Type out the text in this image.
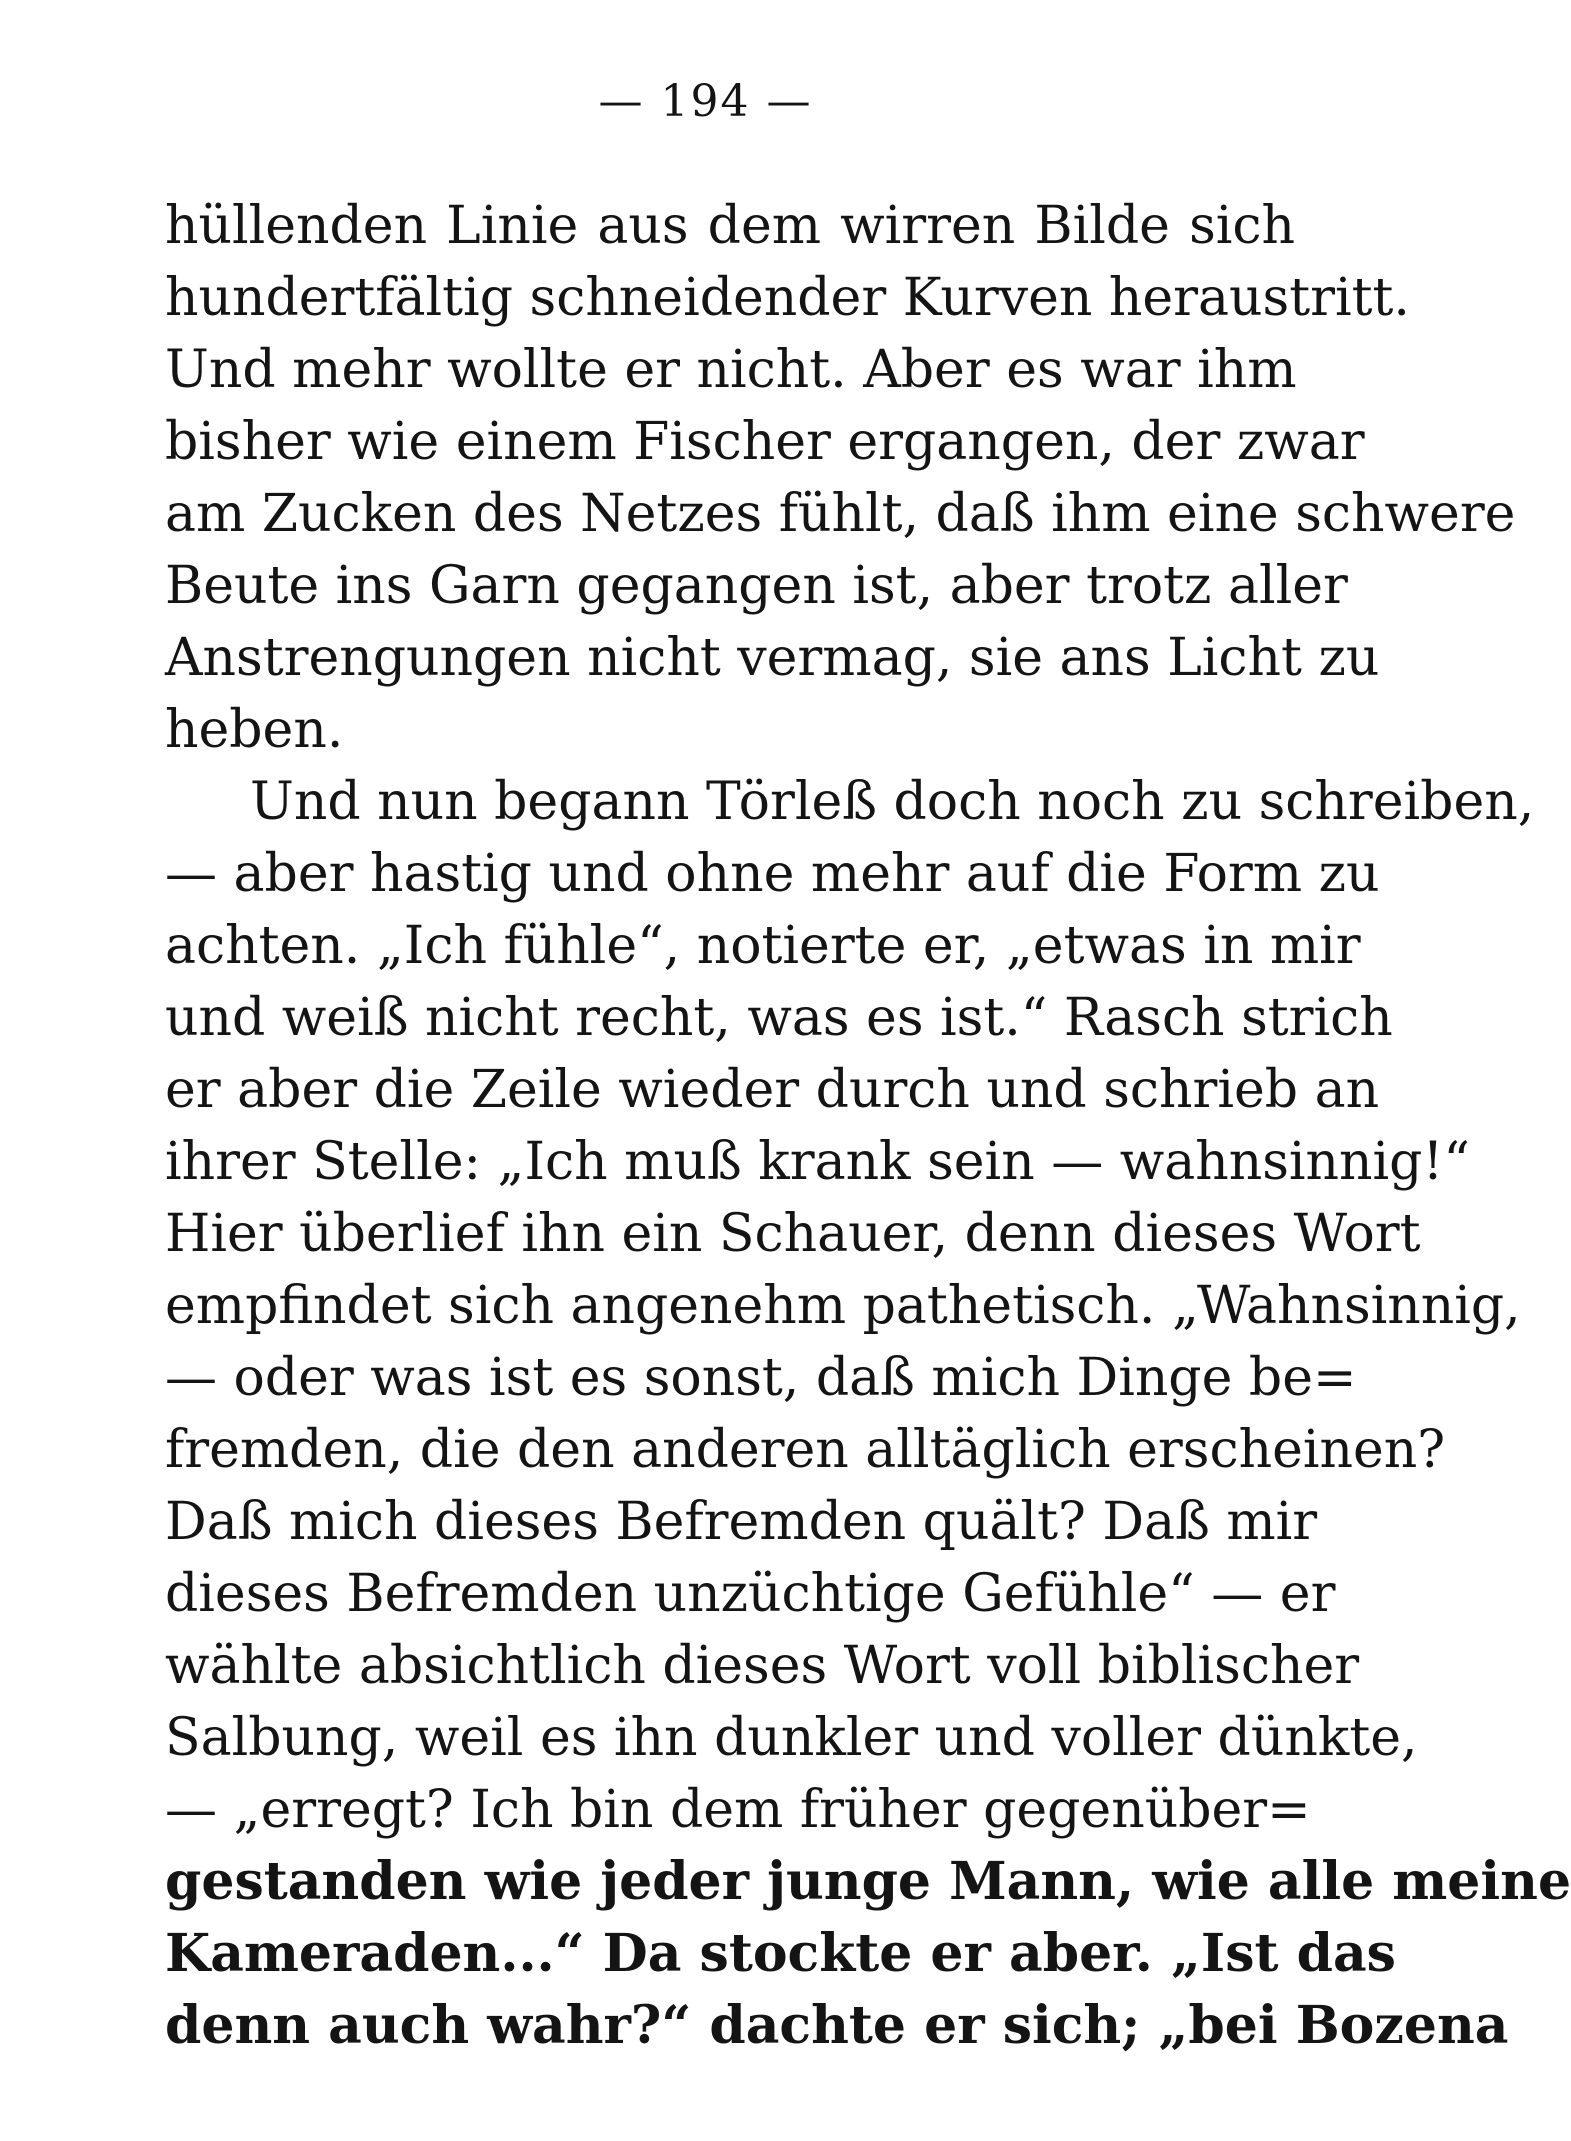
— 194 —
hüllenden Linie aus dem wirren Bilde sich
hundertfältig schneidender Kurven heraustritt.
Und mehr wollte er nicht. Aber es war ihm
bisher wie einem Fischer ergangen, der zwar
am Zucken des Netzes fühlt, daß ihm eine schwere
Beute ins Garn gegangen ist, aber trotz aller
Anstrengungen nicht vermag, sie ans Licht zu
heben.
Und nun begann Törleß doch noch zu schreiben,
— aber hastig und ohne mehr auf die Form zu
achten. „Ich fühle“, notierte er, „etwas in mir
und weiß nicht recht, was es ist.“ Rasch strich
er aber die Zeile wieder durch und schrieb an
ihrer Stelle: „Ich muß krank sein — wahnsinnig!“
Hier überlief ihn ein Schauer, denn dieses Wort
empfindet sich angenehm pathetisch. „Wahnsinnig,
— oder was ist es sonst, daß mich Dinge be=
fremden, die den anderen alltäglich erscheinen?
Daß mich dieses Befremden quält? Daß mir
dieses Befremden unzüchtige Gefühle“ — er
wählte absichtlich dieses Wort voll biblischer
Salbung, weil es ihn dunkler und voller dünkte,
— „erregt? Ich bin dem früher gegenüber=
gestanden wie jeder junge Mann, wie alle meine
Kameraden...“ Da stockte er aber. „Ist das
denn auch wahr?“ dachte er sich; „bei Bozena
